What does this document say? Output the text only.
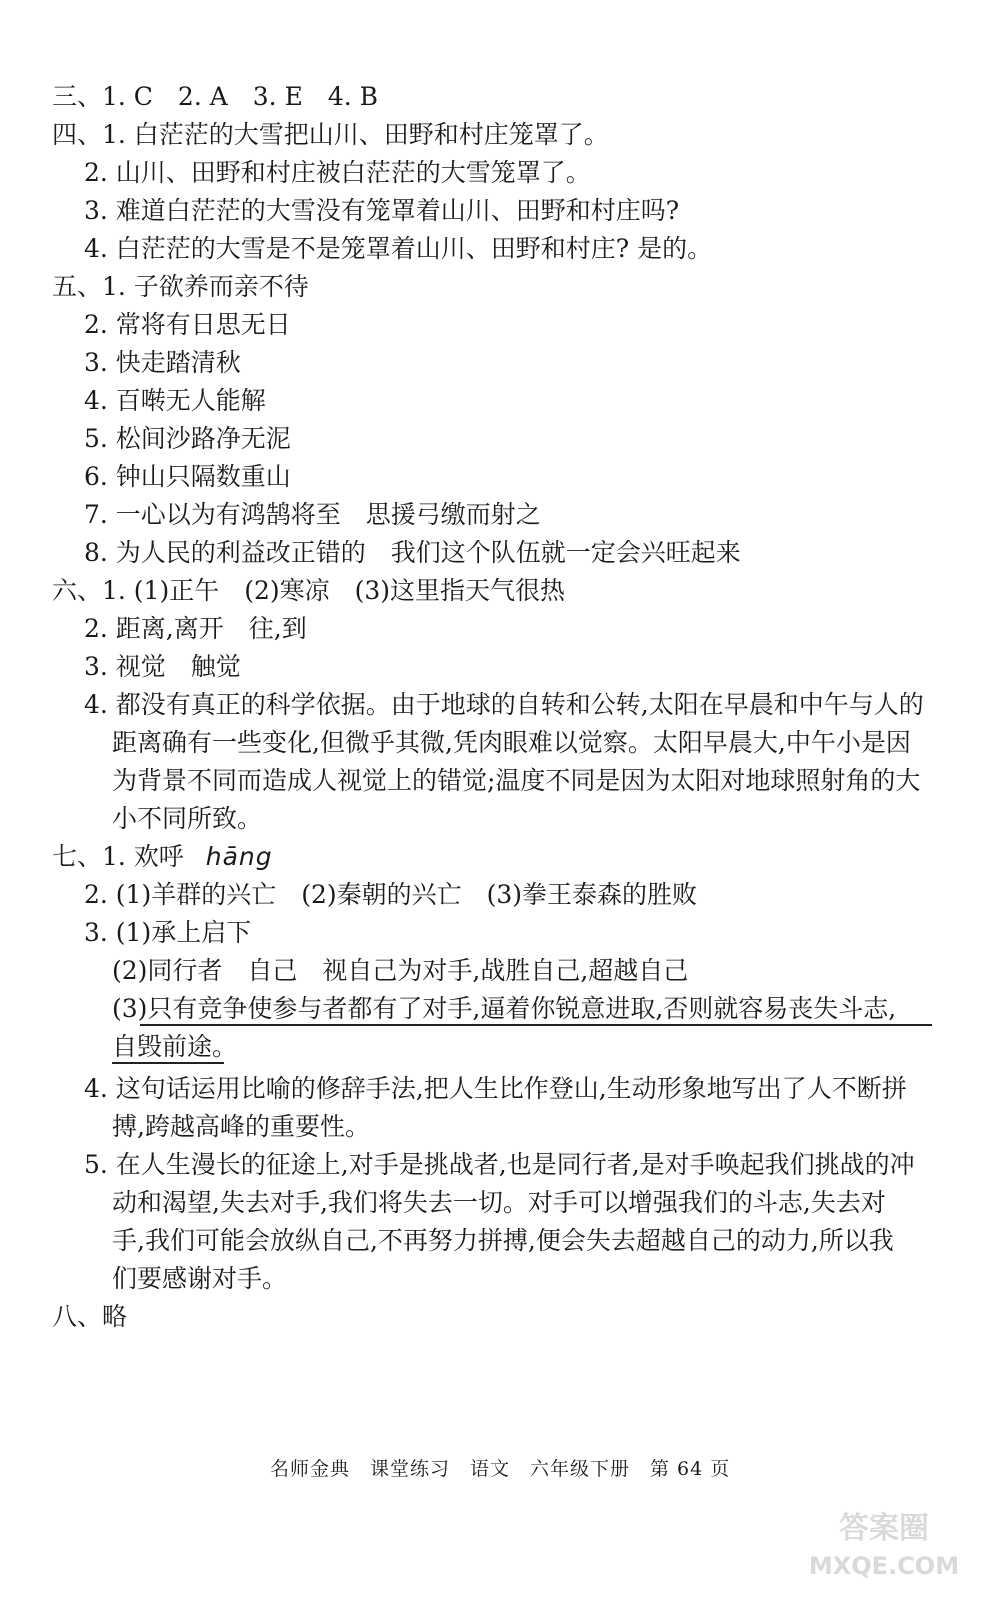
三、1. C　2. A　3. E　4. B
四、1. 白茫茫的大雪把山川、田野和村庄笼罩了。
2. 山川、田野和村庄被白茫茫的大雪笼罩了。
3. 难道白茫茫的大雪没有笼罩着山川、田野和村庄吗?
4. 白茫茫的大雪是不是笼罩着山川、田野和村庄? 是的。
五、1. 子欲养而亲不待
2. 常将有日思无日
3. 快走踏清秋
4. 百啭无人能解
5. 松间沙路净无泥
6. 钟山只隔数重山
7. 一心以为有鸿鹄将至　思援弓缴而射之
8. 为人民的利益改正错的　我们这个队伍就一定会兴旺起来
六、1. (1)正午　(2)寒凉　(3)这里指天气很热
2. 距离,离开　往,到
3. 视觉　触觉
4. 都没有真正的科学依据。由于地球的自转和公转,太阳在早晨和中午与人的
距离确有一些变化,但微乎其微,凭肉眼难以觉察。太阳早晨大,中午小是因
为背景不同而造成人视觉上的错觉;温度不同是因为太阳对地球照射角的大
小不同所致。
七、1. 欢呼 hāng
2. (1)羊群的兴亡　(2)秦朝的兴亡　(3)拳王泰森的胜败
3. (1)承上启下
(2)同行者　自己　视自己为对手,战胜自己,超越自己
(3)只有竞争使参与者都有了对手,逼着你锐意进取,否则就容易丧失斗志,
自毁前途。
4. 这句话运用比喻的修辞手法,把人生比作登山,生动形象地写出了人不断拼
搏,跨越高峰的重要性。
5. 在人生漫长的征途上,对手是挑战者,也是同行者,是对手唤起我们挑战的冲
动和渴望,失去对手,我们将失去一切。对手可以增强我们的斗志,失去对
手,我们可能会放纵自己,不再努力拼搏,便会失去超越自己的动力,所以我
们要感谢对手。
八、略
名师金典　课堂练习　语文　六年级下册　第 64 页
答案圈
MXQE.COM
